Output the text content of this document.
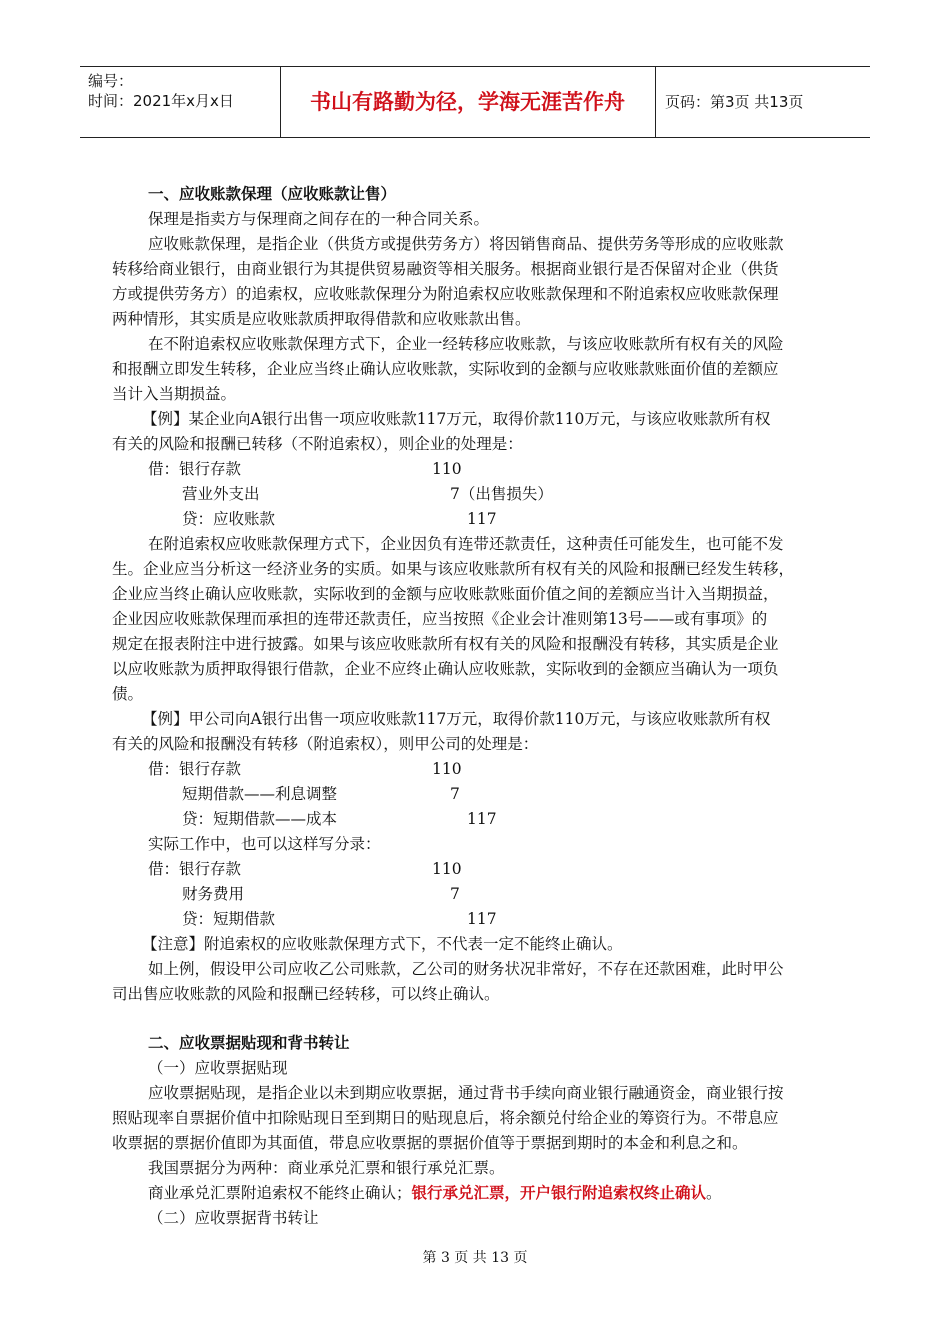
编号：
时间：2021年x月x日	书山有路勤为径，学海无涯苦作舟	页码：第3页 共13页
一、应收账款保理（应收账款让售）
保理是指卖方与保理商之间存在的一种合同关系。
应收账款保理，是指企业（供货方或提供劳务方）将因销售商品、提供劳务等形成的应收账款
转移给商业银行，由商业银行为其提供贸易融资等相关服务。根据商业银行是否保留对企业（供货
方或提供劳务方）的追索权，应收账款保理分为附追索权应收账款保理和不附追索权应收账款保理
两种情形，其实质是应收账款质押取得借款和应收账款出售。
在不附追索权应收账款保理方式下，企业一经转移应收账款，与该应收账款所有权有关的风险
和报酬立即发生转移，企业应当终止确认应收账款，实际收到的金额与应收账款账面价值的差额应
当计入当期损益。
【例】某企业向A银行出售一项应收账款117万元，取得价款110万元，与该应收账款所有权
有关的风险和报酬已转移（不附追索权），则企业的处理是：
借：银行存款	110
营业外支出	7（出售损失）
贷：应收账款	117
在附追索权应收账款保理方式下，企业因负有连带还款责任，这种责任可能发生，也可能不发
生。企业应当分析这一经济业务的实质。如果与该应收账款所有权有关的风险和报酬已经发生转移，
企业应当终止确认应收账款，实际收到的金额与应收账款账面价值之间的差额应当计入当期损益，
企业因应收账款保理而承担的连带还款责任，应当按照《企业会计准则第13号——或有事项》的
规定在报表附注中进行披露。如果与该应收账款所有权有关的风险和报酬没有转移，其实质是企业
以应收账款为质押取得银行借款，企业不应终止确认应收账款，实际收到的金额应当确认为一项负
债。
【例】甲公司向A银行出售一项应收账款117万元，取得价款110万元，与该应收账款所有权
有关的风险和报酬没有转移（附追索权），则甲公司的处理是：
借：银行存款	110
短期借款——利息调整	7
贷：短期借款——成本	117
实际工作中，也可以这样写分录：
借：银行存款	110
财务费用	7
贷：短期借款	117
【注意】附追索权的应收账款保理方式下，不代表一定不能终止确认。
如上例，假设甲公司应收乙公司账款，乙公司的财务状况非常好，不存在还款困难，此时甲公
司出售应收账款的风险和报酬已经转移，可以终止确认。
二、应收票据贴现和背书转让
（一）应收票据贴现
应收票据贴现，是指企业以未到期应收票据，通过背书手续向商业银行融通资金，商业银行按
照贴现率自票据价值中扣除贴现日至到期日的贴现息后，将余额兑付给企业的筹资行为。不带息应
收票据的票据价值即为其面值，带息应收票据的票据价值等于票据到期时的本金和利息之和。
我国票据分为两种：商业承兑汇票和银行承兑汇票。
商业承兑汇票附追索权不能终止确认；银行承兑汇票，开户银行附追索权终止确认。
（二）应收票据背书转让
第 3 页 共 13 页
